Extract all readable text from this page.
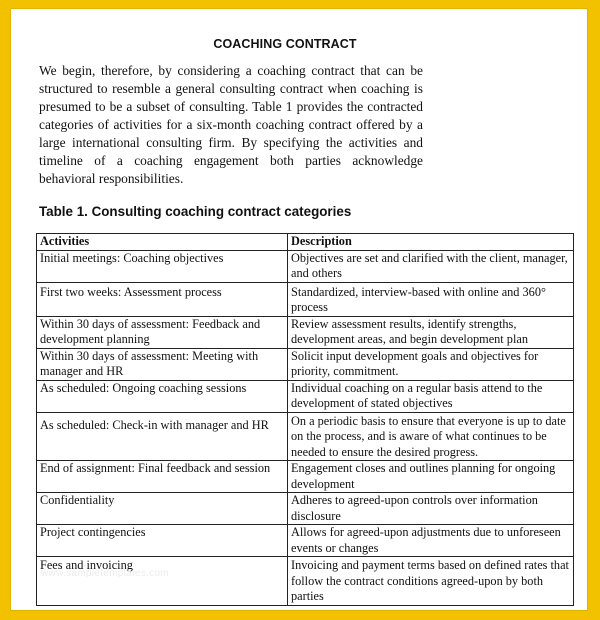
COACHING CONTRACT
We begin, therefore, by considering a coaching contract that can be structured to resemble a general consulting contract when coaching is presumed to be a subset of consulting. Table 1 provides the contracted categories of activities for a six-month coaching contract offered by a large international consulting firm. By specifying the activities and timeline of a coaching engagement both parties acknowledge behavioral responsibilities.
Table 1. Consulting coaching contract categories
Activities	Description
Initial meetings: Coaching objectives	Objectives are set and clarified with the client, manager, and others
First two weeks: Assessment process	Standardized, interview-based with online and 360° process
Within 30 days of assessment: Feedback and development planning	Review assessment results, identify strengths, development areas, and begin development plan
Within 30 days of assessment: Meeting with manager and HR	Solicit input development goals and objectives for priority, commitment.
As scheduled: Ongoing coaching sessions	Individual coaching on a regular basis attend to the development of stated objectives
As scheduled: Check-in with manager and HR	On a periodic basis to ensure that everyone is up to date on the process, and is aware of what continues to be needed to ensure the desired progress.
End of assignment: Final feedback and session	Engagement closes and outlines planning for ongoing development
Confidentiality	Adheres to agreed-upon controls over information disclosure
Project contingencies	Allows for agreed-upon adjustments due to unforeseen events or changes
Fees and invoicing	Invoicing and payment terms based on defined rates that follow the contract conditions agreed-upon by both parties
www.sampletemplates.com
